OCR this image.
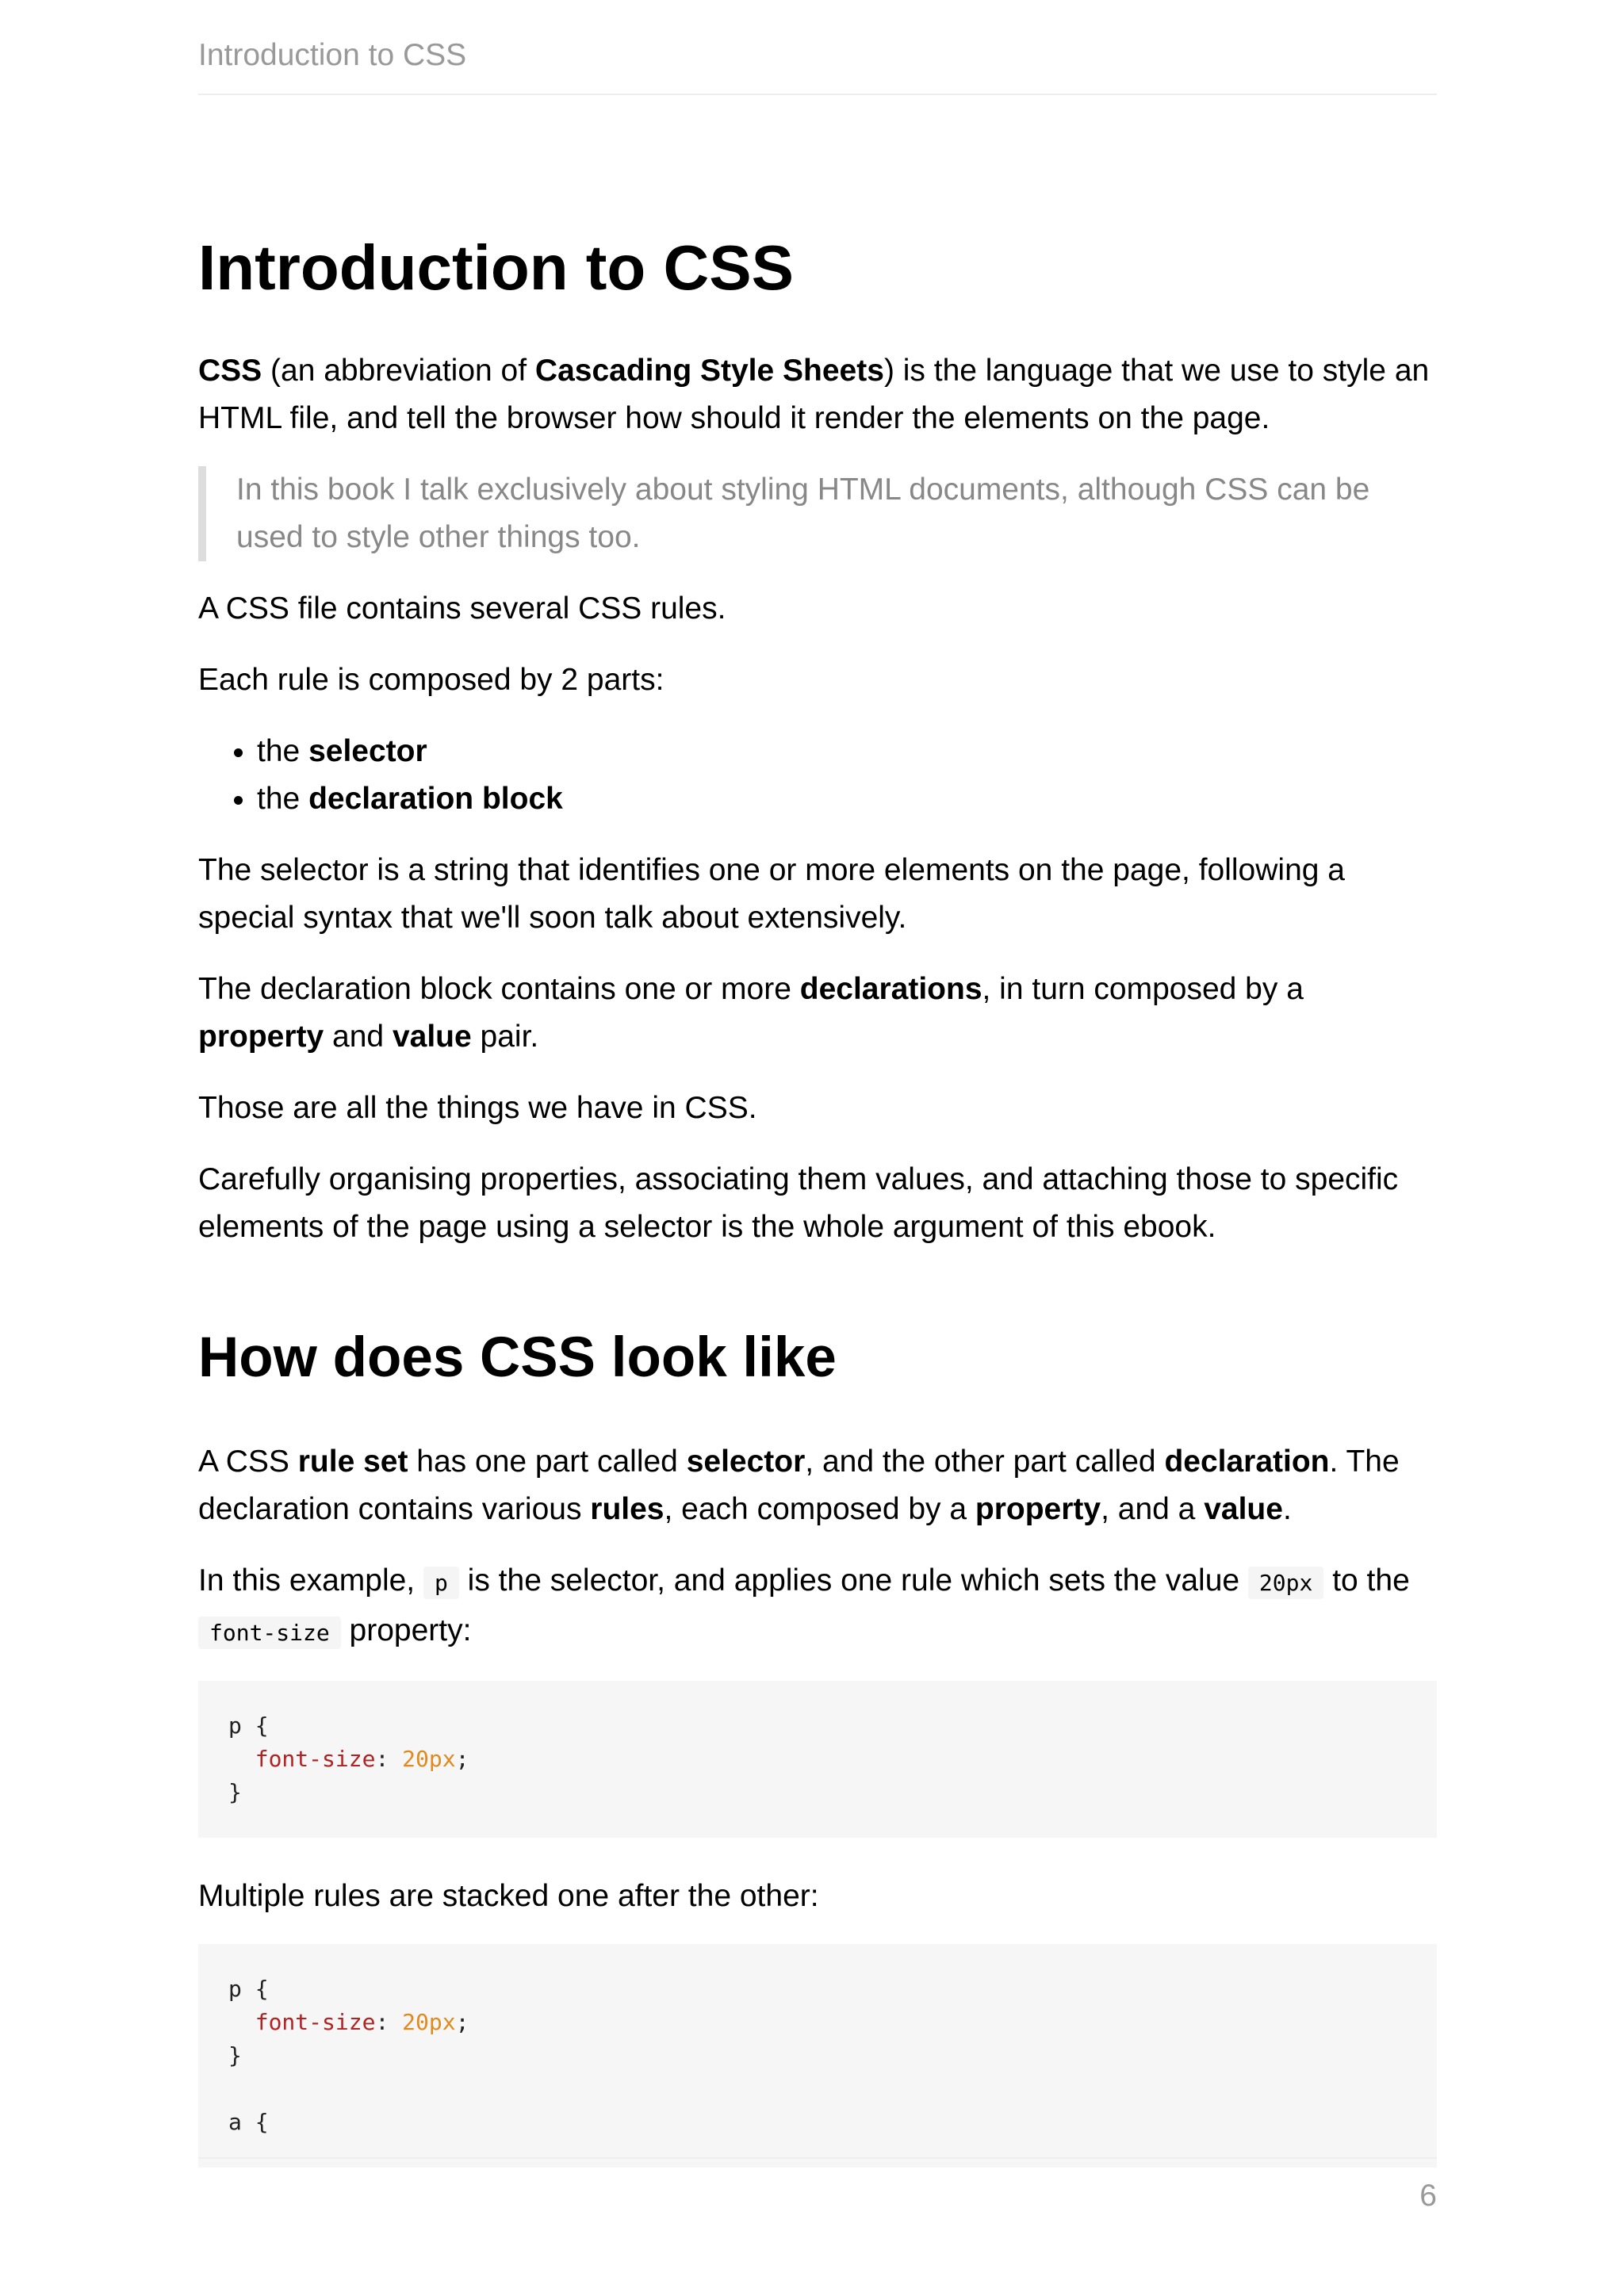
Introduction to CSS
Introduction to CSS

CSS (an abbreviation of Cascading Style Sheets) is the language that we use to style an HTML file, and tell the browser how should it render the elements on the page.

In this book I talk exclusively about styling HTML documents, although CSS can be used to style other things too.

A CSS file contains several CSS rules.

Each rule is composed by 2 parts:

• the selector
• the declaration block

The selector is a string that identifies one or more elements on the page, following a special syntax that we'll soon talk about extensively.

The declaration block contains one or more declarations, in turn composed by a property and value pair.

Those are all the things we have in CSS.

Carefully organising properties, associating them values, and attaching those to specific elements of the page using a selector is the whole argument of this ebook.

How does CSS look like

A CSS rule set has one part called selector, and the other part called declaration. The declaration contains various rules, each composed by a property, and a value.

In this example, p is the selector, and applies one rule which sets the value 20px to the font-size property:

p {
font-size: 20px;
}

Multiple rules are stacked one after the other:

p {
font-size: 20px;
}

a {
6
